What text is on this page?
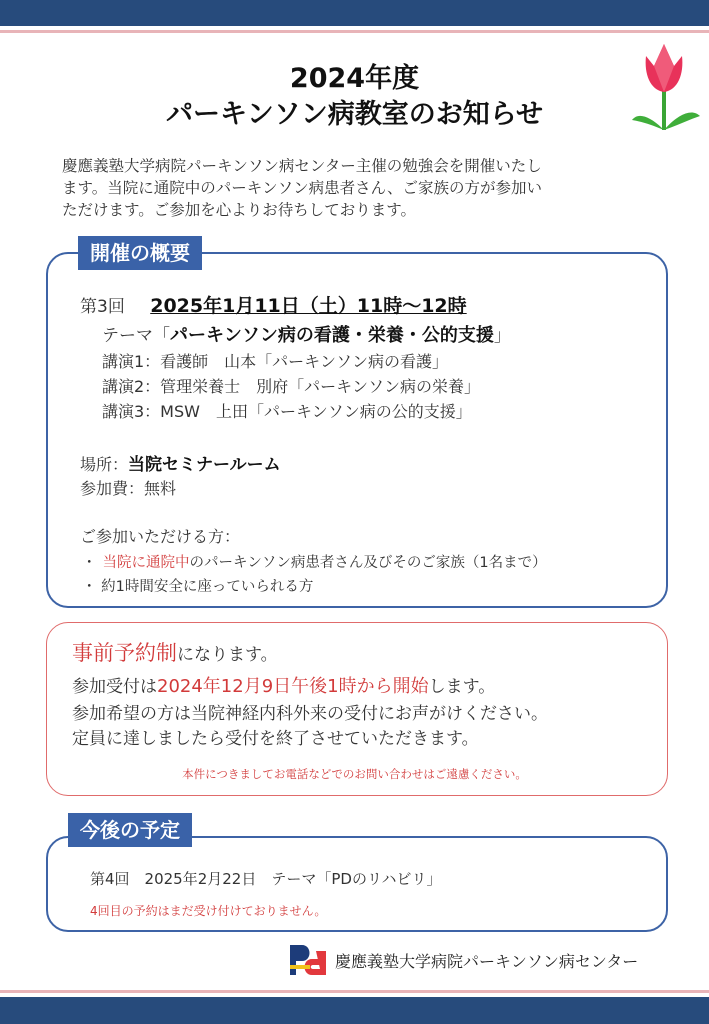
2024年度
パーキンソン病教室のお知らせ
慶應義塾大学病院パーキンソン病センター主催の勉強会を開催いたし
ます。当院に通院中のパーキンソン病患者さん、ご家族の方が参加い
ただけます。ご参加を心よりお待ちしております。
開催の概要
第3回 2025年1月11日（土）11時〜12時
テーマ「パーキンソン病の看護・栄養・公的支援」
講演1：看護師　山本「パーキンソン病の看護」
講演2：管理栄養士　別府「パーキンソン病の栄養」
講演3：MSW　上田「パーキンソン病の公的支援」
場所：当院セミナールーム
参加費：無料
ご参加いただける方：
・ 当院に通院中のパーキンソン病患者さん及びそのご家族（1名まで）
・ 約1時間安全に座っていられる方
事前予約制になります。
参加受付は2024年12月9日午後1時から開始します。
参加希望の方は当院神経内科外来の受付にお声がけください。
定員に達しましたら受付を終了させていただきます。
本件につきましてお電話などでのお問い合わせはご遠慮ください。
今後の予定
第4回　2025年2月22日　テーマ「PDのリハビリ」
4回目の予約はまだ受け付けておりません。
慶應義塾大学病院パーキンソン病センター
